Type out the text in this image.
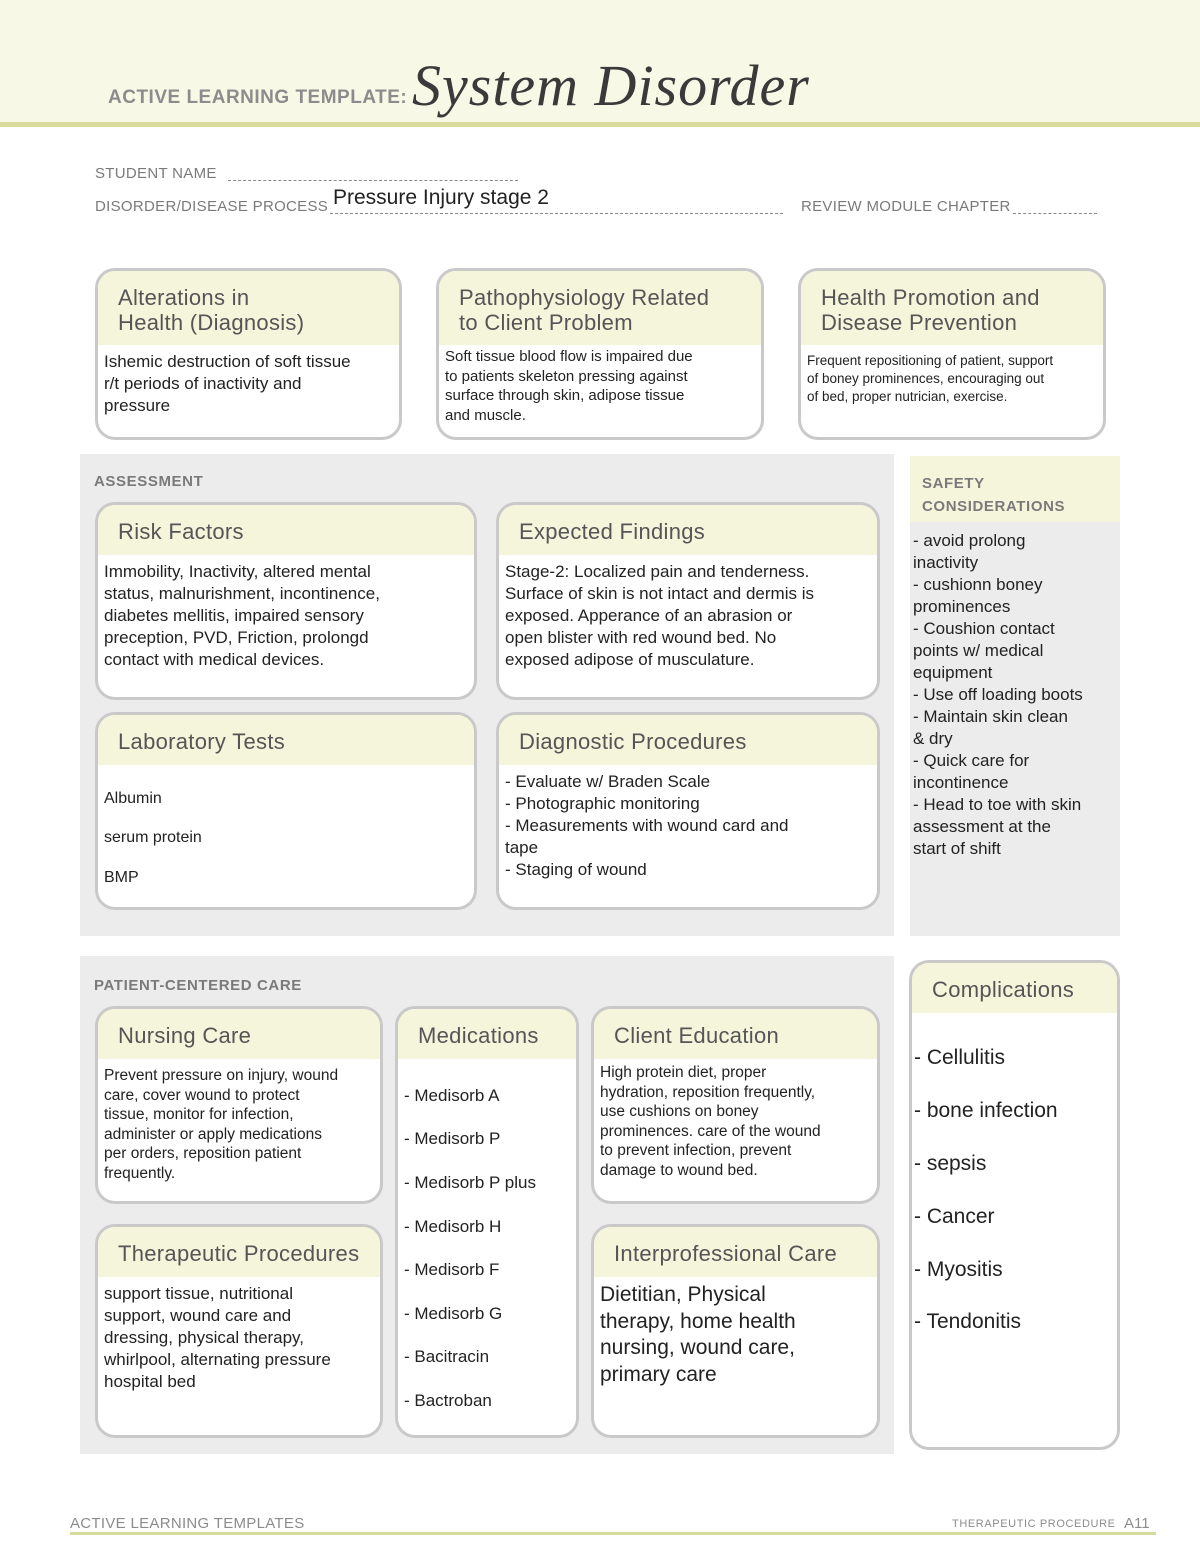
ACTIVE LEARNING TEMPLATE: System Disorder
STUDENT NAME
DISORDER/DISEASE PROCESS Pressure Injury stage 2	REVIEW MODULE CHAPTER
Alterations in
Health (Diagnosis)
Ishemic destruction of soft tissue
r/t periods of inactivity and
pressure
Pathophysiology Related
to Client Problem
Soft tissue blood flow is impaired due
to patients skeleton pressing against
surface through skin, adipose tissue
and muscle.
Health Promotion and
Disease Prevention
Frequent repositioning of patient, support
of boney prominences, encouraging out
of bed, proper nutrician, exercise.
ASSESSMENT
Risk Factors
Immobility, Inactivity, altered mental
status, malnurishment, incontinence,
diabetes mellitis, impaired sensory
preception, PVD, Friction, prolongd
contact with medical devices.
Expected Findings
Stage-2: Localized pain and tenderness.
Surface of skin is not intact and dermis is
exposed. Apperance of an abrasion or
open blister with red wound bed. No
exposed adipose of musculature.
Laboratory Tests

Albumin

serum protein

BMP

Diagnostic Procedures
- Evaluate w/ Braden Scale
- Photographic monitoring
- Measurements with wound card and
tape
- Staging of wound
SAFETY
CONSIDERATIONS
- avoid prolong
inactivity
- cushionn boney
prominences
- Coushion contact
points w/ medical
equipment
- Use off loading boots
- Maintain skin clean
& dry
- Quick care for
incontinence
- Head to toe with skin
assessment at the
start of shift
PATIENT-CENTERED CARE
Nursing Care
Prevent pressure on injury, wound
care, cover wound to protect
tissue, monitor for infection,
administer or apply medications
per orders, reposition patient
frequently.
Medications

- Medisorb A

- Medisorb P

- Medisorb P plus

- Medisorb H

- Medisorb F

- Medisorb G

- Bacitracin

- Bactroban

Client Education
High protein diet, proper
hydration, reposition frequently,
use cushions on boney
prominences. care of the wound
to prevent infection, prevent
damage to wound bed.
Therapeutic Procedures
support tissue, nutritional
support, wound care and
dressing, physical therapy,
whirlpool, alternating pressure
hospital bed
Interprofessional Care
Dietitian, Physical
therapy, home health
nursing, wound care,
primary care
Complications

- Cellulitis

- bone infection

- sepsis

- Cancer

- Myositis

- Tendonitis

ACTIVE LEARNING TEMPLATES	THERAPEUTIC PROCEDURE A11
